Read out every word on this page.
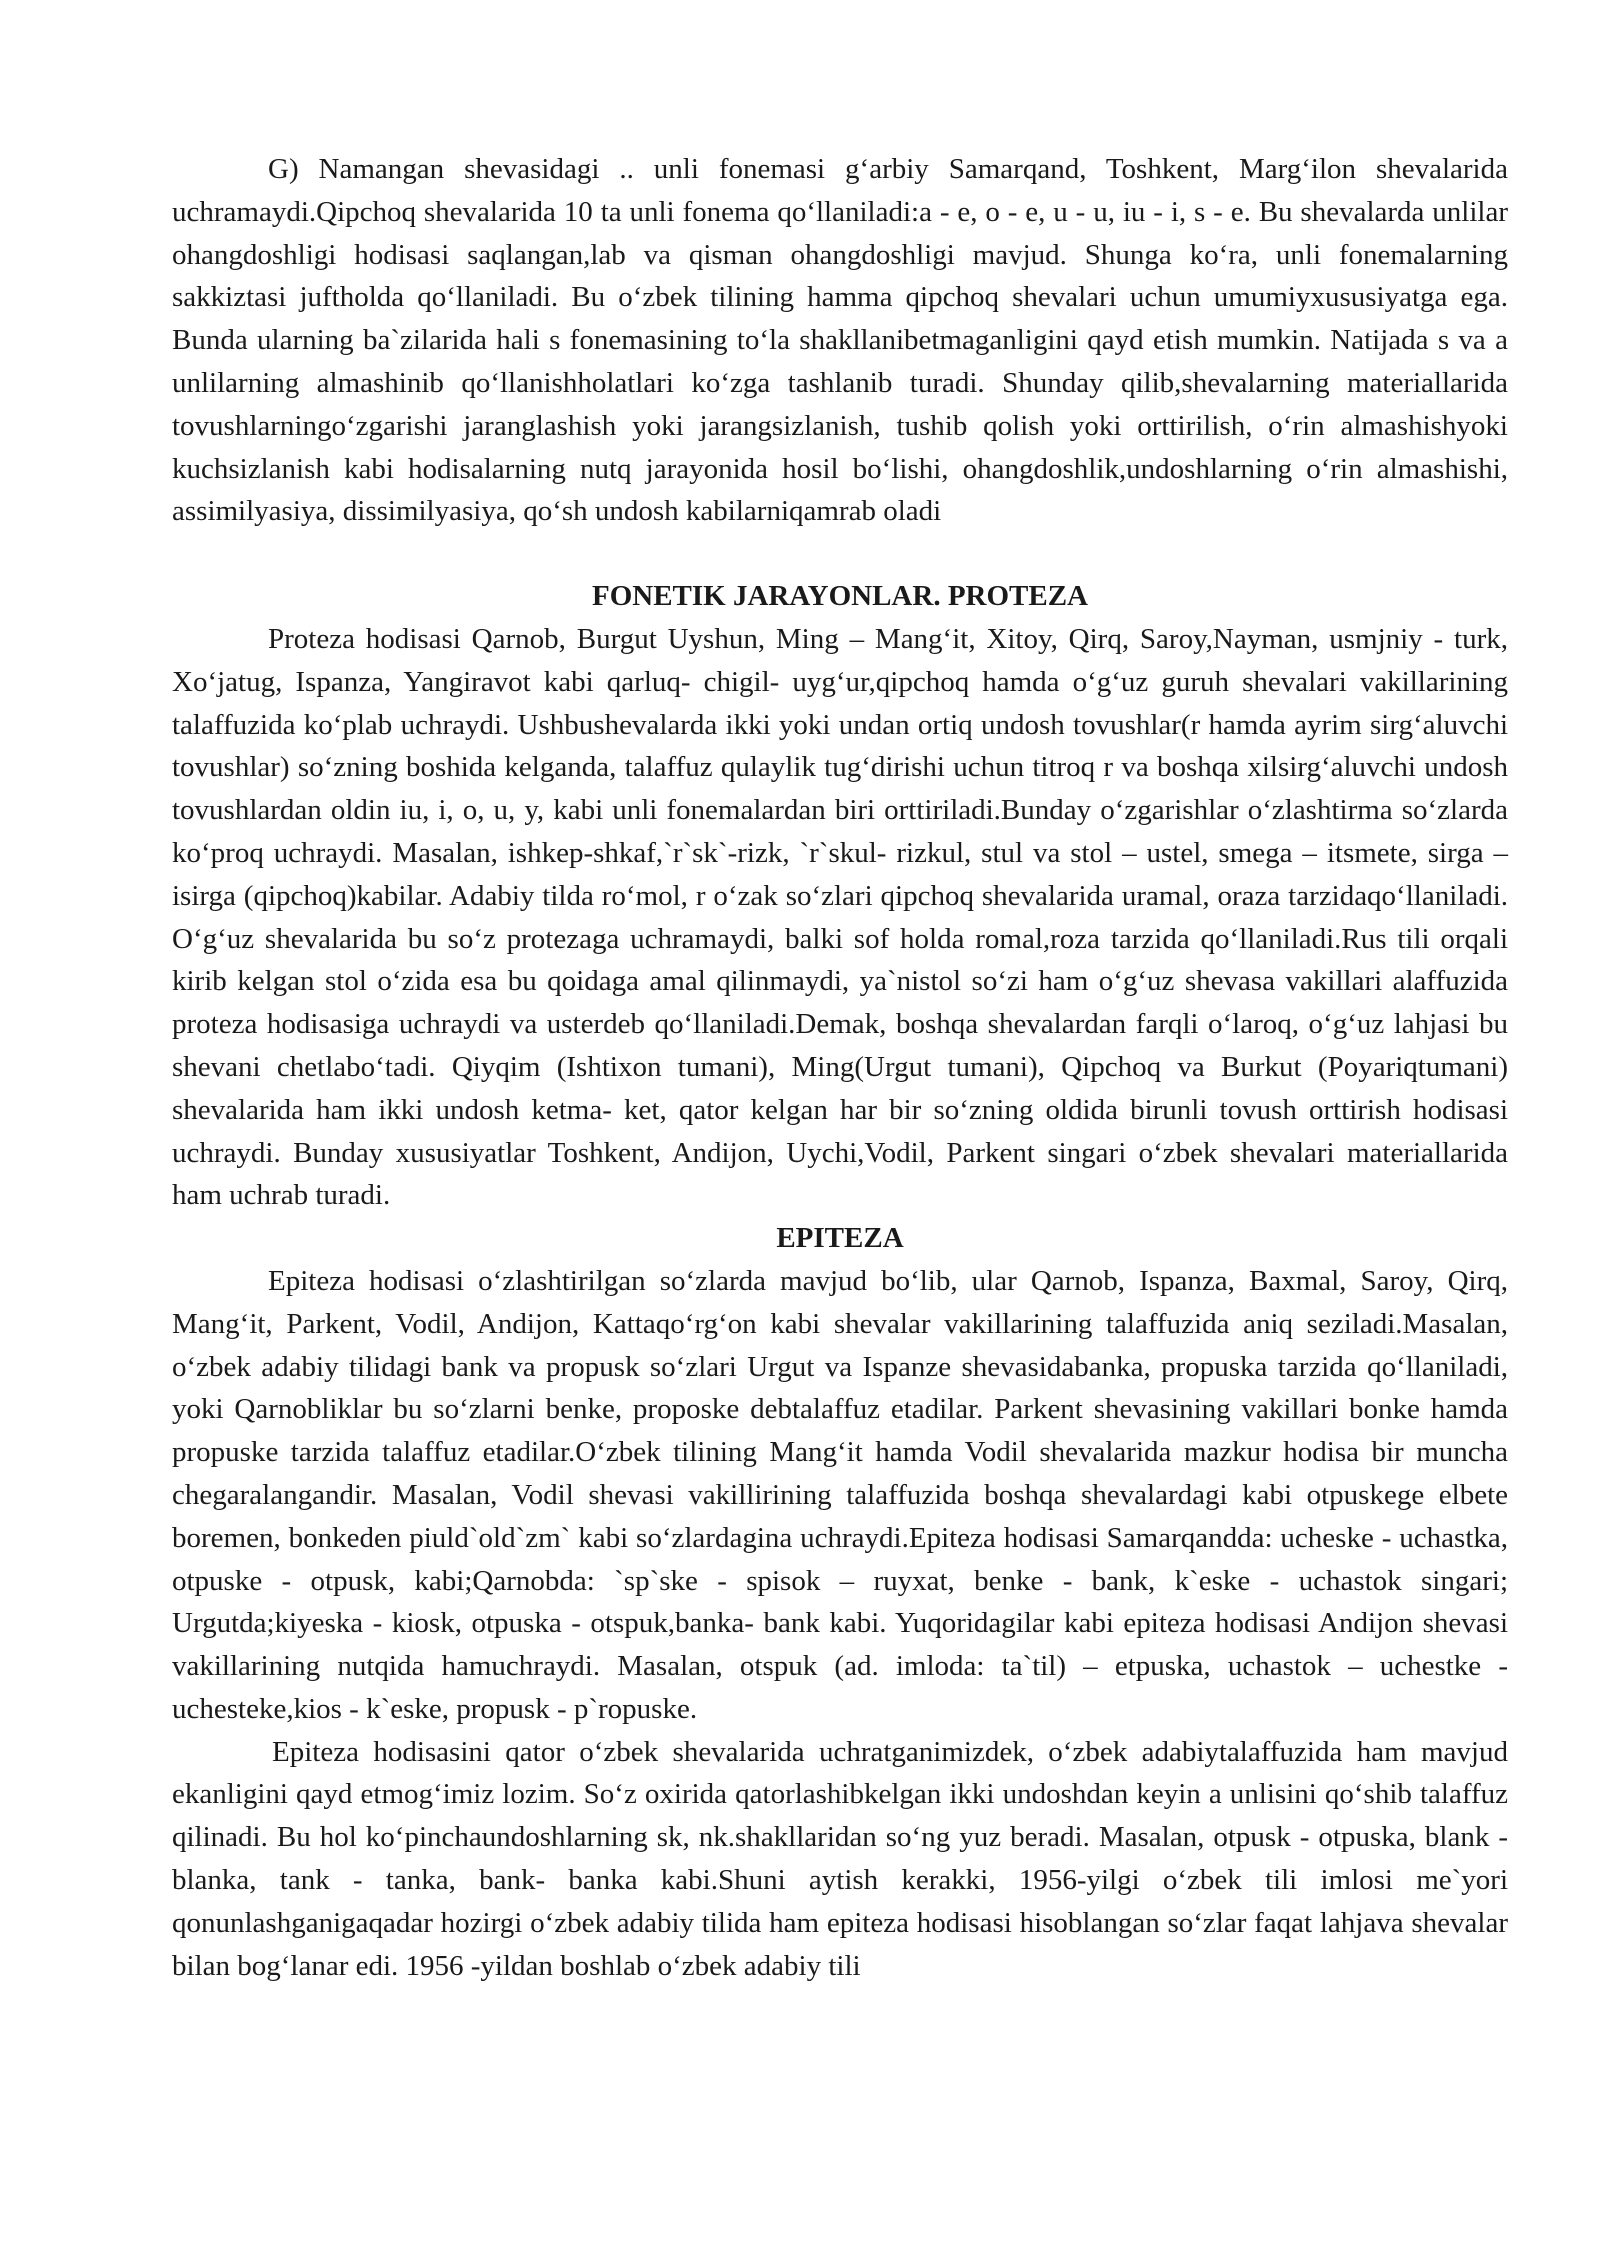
G) Namangan shevasidagi .. unli fonemasi gʻarbiy Samarqand, Toshkent, Margʻilon shevalarida uchramaydi.Qipchoq shevalarida 10 ta unli fonema qoʻllaniladi:a - e, o - e, u - u, iu - i, s - e. Bu shevalarda unlilar ohangdoshligi hodisasi saqlangan,lab va qisman ohangdoshligi mavjud. Shunga koʻra, unli fonemalarning sakkiztasi juftholda qoʻllaniladi. Bu oʻzbek tilining hamma qipchoq shevalari uchun umumiyxususiyatga ega. Bunda ularning ba`zilarida hali s fonemasining toʻla shakllanibetmaganligini qayd etish mumkin. Natijada s va a unlilarning almashinib qoʻllanishholatlari koʻzga tashlanib turadi. Shunday qilib,shevalarning materiallarida tovushlarningoʻzgarishi jaranglashish yoki jarangsizlanish, tushib qolish yoki orttirilish, oʻrin almashishyoki kuchsizlanish kabi hodisalarning nutq jarayonida hosil boʻlishi, ohangdoshlik,undoshlarning oʻrin almashishi, assimilyasiya, dissimilyasiya, qoʻsh undosh kabilarniqamrab oladi

FONETIK JARAYONLAR. PROTEZA

Proteza hodisasi Qarnob, Burgut Uyshun, Ming – Mangʻit, Xitoy, Qirq, Saroy,Nayman, usmjniy - turk, Xoʻjatug, Ispanza, Yangiravot kabi qarluq- chigil- uygʻur,qipchoq hamda oʻgʻuz guruh shevalari vakillarining talaffuzida koʻplab uchraydi. Ushbushevalarda ikki yoki undan ortiq undosh tovushlar(r hamda ayrim sirgʻaluvchi tovushlar) soʻzning boshida kelganda, talaffuz qulaylik tugʻdirishi uchun titroq r va boshqa xilsirgʻaluvchi undosh tovushlardan oldin iu, i, o, u, y, kabi unli fonemalardan biri orttiriladi.Bunday oʻzgarishlar oʻzlashtirma soʻzlarda koʻproq uchraydi. Masalan, ishkep-shkaf,`r`sk`-rizk, `r`skul- rizkul, stul va stol – ustel, smega – itsmete, sirga – isirga (qipchoq)kabilar. Adabiy tilda roʻmol, r oʻzak soʻzlari qipchoq shevalarida uramal, oraza tarzidaqoʻllaniladi. Oʻgʻuz shevalarida bu soʻz protezaga uchramaydi, balki sof holda romal,roza tarzida qoʻllaniladi.Rus tili orqali kirib kelgan stol oʻzida esa bu qoidaga amal qilinmaydi, ya`nistol soʻzi ham oʻgʻuz shevasa vakillari alaffuzida proteza hodisasiga uchraydi va usterdeb qoʻllaniladi.Demak, boshqa shevalardan farqli oʻlaroq, oʻgʻuz lahjasi bu shevani chetlaboʻtadi. Qiyqim (Ishtixon tumani), Ming(Urgut tumani), Qipchoq va Burkut (Poyariqtumani) shevalarida ham ikki undosh ketma- ket, qator kelgan har bir soʻzning oldida birunli tovush orttirish hodisasi uchraydi. Bunday xususiyatlar Toshkent, Andijon, Uychi,Vodil, Parkent singari oʻzbek shevalari materiallarida ham uchrab turadi.

EPITEZA

Epiteza hodisasi oʻzlashtirilgan soʻzlarda mavjud boʻlib, ular Qarnob, Ispanza, Baxmal, Saroy, Qirq, Mangʻit, Parkent, Vodil, Andijon, Kattaqoʻrgʻon kabi shevalar vakillarining talaffuzida aniq seziladi.Masalan, oʻzbek adabiy tilidagi bank va propusk soʻzlari Urgut va Ispanze shevasidabanka, propuska tarzida qoʻllaniladi, yoki Qarnobliklar bu soʻzlarni benke, proposke debtalaffuz etadilar. Parkent shevasining vakillari bonke hamda propuske tarzida talaffuz etadilar.Oʻzbek tilining Mangʻit hamda Vodil shevalarida mazkur hodisa bir muncha chegaralangandir. Masalan, Vodil shevasi vakillirining talaffuzida boshqa shevalardagi kabi otpuskege elbete boremen, bonkeden piuld`old`zm` kabi soʻzlardagina uchraydi.Epiteza hodisasi Samarqandda: ucheske - uchastka, otpuske - otpusk, kabi;Qarnobda: `sp`ske - spisok – ruyxat, benke - bank, k`eske - uchastok singari; Urgutda;kiyeska - kiosk, otpuska - otspuk,banka- bank kabi. Yuqoridagilar kabi epiteza hodisasi Andijon shevasi vakillarining nutqida hamuchraydi. Masalan, otspuk (ad. imloda: ta`til) – etpuska, uchastok – uchestke - uchesteke,kios - k`eske, propusk - p`ropuske.

Epiteza hodisasini qator oʻzbek shevalarida uchratganimizdek, oʻzbek adabiytalaffuzida ham mavjud ekanligini qayd etmogʻimiz lozim. Soʻz oxirida qatorlashibkelgan ikki undoshdan keyin a unlisini qoʻshib talaffuz qilinadi. Bu hol koʻpinchaundoshlarning sk, nk.shakllaridan soʻng yuz beradi. Masalan, otpusk - otpuska, blank -blanka, tank - tanka, bank- banka kabi.Shuni aytish kerakki, 1956-yilgi oʻzbek tili imlosi me`yori qonunlashganigaqadar hozirgi oʻzbek adabiy tilida ham epiteza hodisasi hisoblangan soʻzlar faqat lahjava shevalar bilan bogʻlanar edi. 1956 -yildan boshlab oʻzbek adabiy tili
